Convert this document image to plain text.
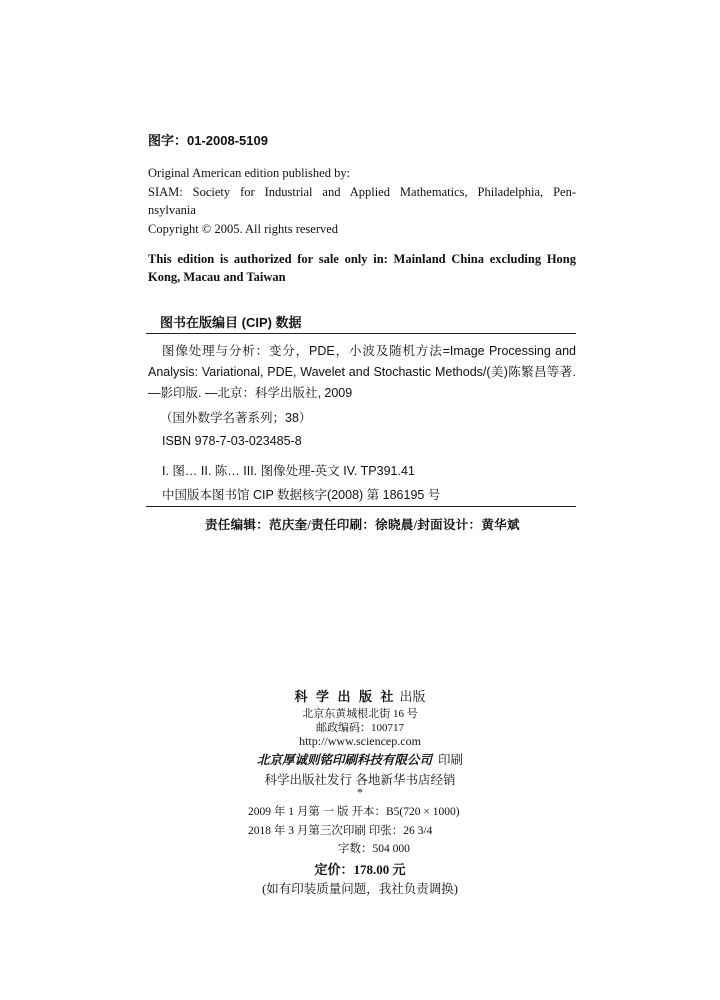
图字：01-2008-5109
Original American edition published by:
SIAM: Society for Industrial and Applied Mathematics, Philadelphia, Pen-
nsylvania
Copyright © 2005. All rights reserved
This edition is authorized for sale only in: Mainland China excluding Hong
Kong, Macau and Taiwan
图书在版编目 (CIP) 数据
图像处理与分析：变分，PDE，小波及随机方法=Image Processing and
Analysis: Variational, PDE, Wavelet and Stochastic Methods/(美)陈繁昌等著.
—影印版. —北京：科学出版社, 2009
（国外数学名著系列；38）
ISBN 978-7-03-023485-8
I. 图… II. 陈… III. 图像处理-英文 IV. TP391.41
中国版本图书馆 CIP 数据核字(2008) 第 186195 号
责任编辑：范庆奎/责任印刷：徐晓晨/封面设计：黄华斌
科 学 出 版 社 出版
北京东黄城根北街 16 号
邮政编码：100717
http://www.sciencep.com
北京厚诚则铭印刷科技有限公司 印刷
科学出版社发行 各地新华书店经销
*
2009 年 1 月第 一 版 开本：B5(720 × 1000)
2018 年 3 月第三次印刷 印张：26 3/4
字数：504 000
定价：178.00 元
(如有印装质量问题，我社负责调换)
